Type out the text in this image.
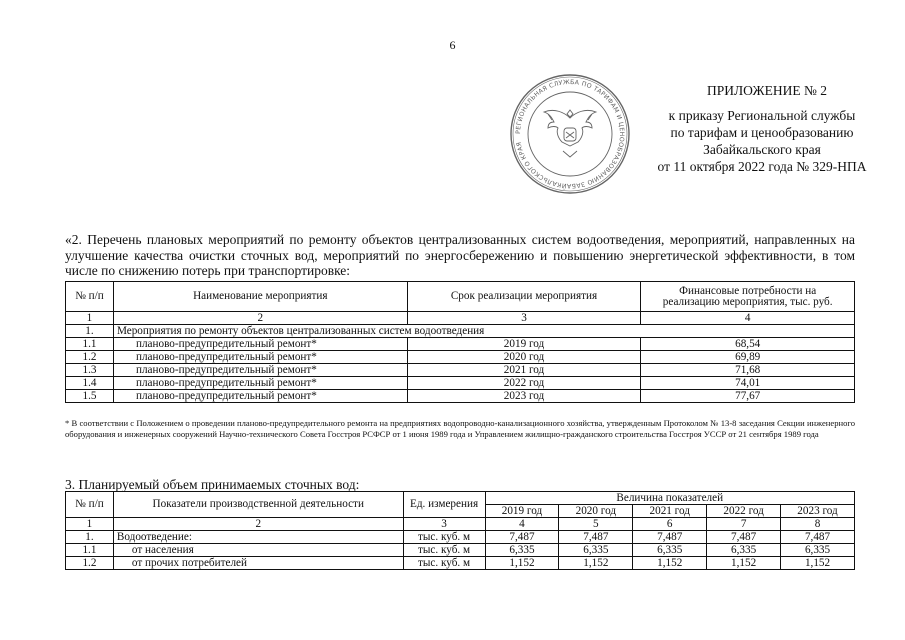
6
РЕГИОНАЛЬНАЯ СЛУЖБА ПО ТАРИФАМ И ЦЕНООБРАЗОВАНИЮ ЗАБАЙКАЛЬСКОГО КРАЯ
ПРИЛОЖЕНИЕ № 2
к приказу Региональной службы
по тарифам и ценообразованию
Забайкальского края
от 11 октября 2022 года № 329-НПА
«2. Перечень плановых мероприятий по ремонту объектов централизованных систем водоотведения, мероприятий, направленных на улучшение качества очистки сточных вод, мероприятий по энергосбережению и повышению энергетической эффективности, в том числе по снижению потерь при транспортировке:
№ п/п	Наименование мероприятия	Срок реализации мероприятия	Финансовые потребности на реализацию мероприятия, тыс. руб.
1	2	3	4
1.	Мероприятия по ремонту объектов централизованных систем водоотведения		
1.1	планово-предупредительный ремонт*	2019 год	68,54
1.2	планово-предупредительный ремонт*	2020 год	69,89
1.3	планово-предупредительный ремонт*	2021 год	71,68
1.4	планово-предупредительный ремонт*	2022 год	74,01
1.5	планово-предупредительный ремонт*	2023 год	77,67
* В соответствии с Положением о проведении планово-предупредительного ремонта на предприятиях водопроводно-канализационного хозяйства, утвержденным Протоколом № 13-8 заседания Секции инженерного оборудования и инженерных сооружений Научно-технического Совета Госстроя РСФСР от 1 июня 1989 года и Управлением жилищно-гражданского строительства Госстроя УССР от 21 сентября 1989 года
3. Планируемый объем принимаемых сточных вод:
№ п/п	Показатели производственной деятельности	Ед. измерения	Величина показателей				
			2019 год	2020 год	2021 год	2022 год	2023 год
1	2	3	4	5	6	7	8
1.	Водоотведение:	тыс. куб. м	7,487	7,487	7,487	7,487	7,487
1.1	от населения	тыс. куб. м	6,335	6,335	6,335	6,335	6,335
1.2	от прочих потребителей	тыс. куб. м	1,152	1,152	1,152	1,152	1,152
